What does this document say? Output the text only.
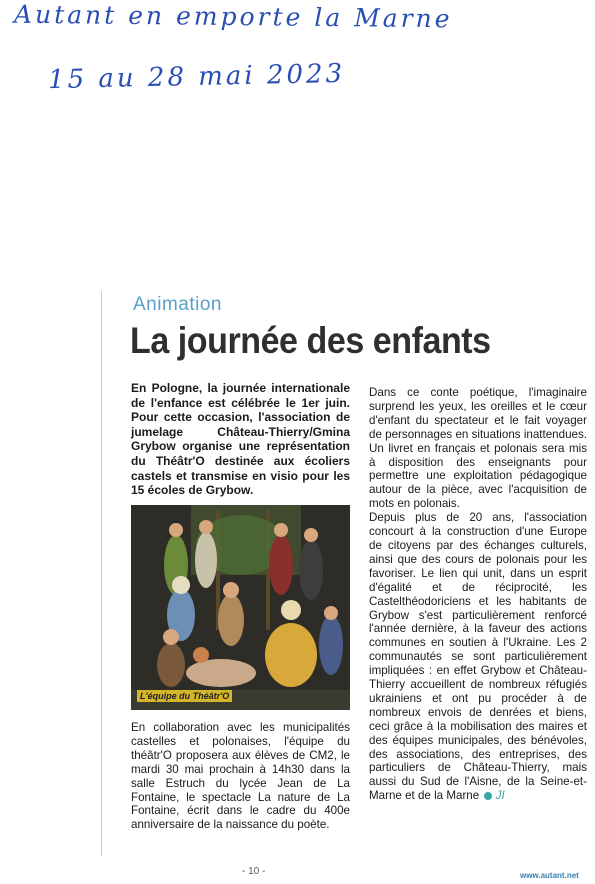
Autant en emporte la Marne
15 au 28 mai 2023
Animation
La journée des enfants
En Pologne, la journée internationale de l'enfance est célébrée le 1er juin. Pour cette occasion, l'association de jumelage Château-Thierry/Gmina Grybow organise une représentation du Théâtr'O destinée aux écoliers castels et transmise en visio pour les 15 écoles de Grybow.
L'équipe du Théâtr'O
En collaboration avec les municipalités castelles et polonaises, l'équipe du théâtr'O proposera aux élèves de CM2, le mardi 30 mai prochain à 14h30 dans la salle Estruch du lycée Jean de La Fontaine, le spectacle La nature de La Fontaine, écrit dans le cadre du 400e anniversaire de la naissance du poète.

Dans ce conte poétique, l'imaginaire surprend les yeux, les oreilles et le cœur d'enfant du spectateur et le fait voyager de personnages en situations inattendues. Un livret en français et polonais sera mis à disposition des enseignants pour permettre une exploitation pédagogique autour de la pièce, avec l'acquisition de mots en polonais.

Depuis plus de 20 ans, l'association concourt à la construction d'une Europe de citoyens par des échanges culturels, ainsi que des cours de polonais pour les favoriser. Le lien qui unit, dans un esprit d'égalité et de réciprocité, les Castelthéodoriciens et les habitants de Grybow s'est particulièrement renforcé l'année dernière, à la faveur des actions communes en soutien à l'Ukraine. Les 2 communautés se sont particulièrement impliquées : en effet Grybow et Château-Thierry accueillent de nombreux réfugiés ukrainiens et ont pu procéder à de nombreux envois de denrées et biens, ceci grâce à la mobilisation des maires et des équipes municipales, des bénévoles, des associations, des entreprises, des particuliers de Château-Thierry, mais aussi du Sud de l'Aisne, de la Seine-et-Marne et de la Marne JI

- 10 -	www.autant.net
